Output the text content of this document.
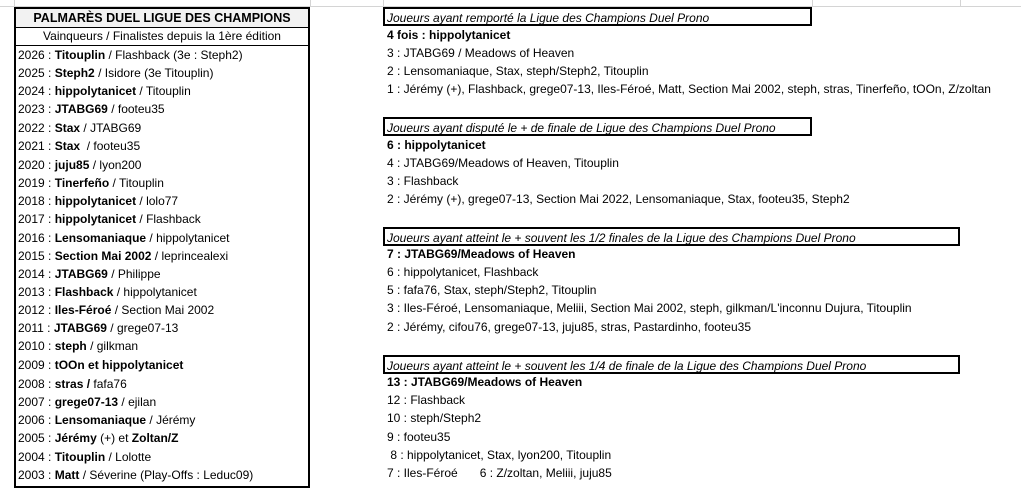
PALMARÈS DUEL LIGUE DES CHAMPIONS
Vainqueurs / Finalistes depuis la 1ère édition
2026 : Titouplin / Flashback (3e : Steph2)
2025 : Steph2 / Isidore (3e Titouplin)
2024 : hippolytanicet / Titouplin
2023 : JTABG69 / footeu35
2022 : Stax / JTABG69
2021 : Stax  / footeu35
2020 : juju85 / lyon200
2019 : Tinerfeño / Titouplin
2018 : hippolytanicet / lolo77
2017 : hippolytanicet / Flashback
2016 : Lensomaniaque / hippolytanicet
2015 : Section Mai 2002 / leprincealexi
2014 : JTABG69 / Philippe
2013 : Flashback / hippolytanicet
2012 : Iles-Féroé / Section Mai 2002
2011 : JTABG69 / grege07-13
2010 : steph / gilkman
2009 : tOOn et hippolytanicet
2008 : stras / fafa76
2007 : grege07-13 / ejilan
2006 : Lensomaniaque / Jérémy
2005 : Jérémy (+) et Zoltan/Z
2004 : Titouplin / Lolotte
2003 : Matt / Séverine (Play-Offs : Leduc09)
Joueurs ayant remporté la Ligue des Champions Duel Prono
4 fois : hippolytanicet
3 : JTABG69 / Meadows of Heaven
2 : Lensomaniaque, Stax, steph/Steph2, Titouplin
1 : Jérémy (+), Flashback, grege07-13, Iles-Féroé, Matt, Section Mai 2002, steph, stras, Tinerfeño, tOOn, Z/zoltan
Joueurs ayant disputé le + de finale de Ligue des Champions Duel Prono
6 : hippolytanicet
4 : JTABG69/Meadows of Heaven, Titouplin
3 : Flashback
2 : Jérémy (+), grege07-13, Section Mai 2022, Lensomaniaque, Stax, footeu35, Steph2
Joueurs ayant atteint le + souvent les 1/2 finales de la Ligue des Champions Duel Prono
7 : JTABG69/Meadows of Heaven
6 : hippolytanicet, Flashback
5 : fafa76, Stax, steph/Steph2, Titouplin
3 : Iles-Féroé, Lensomaniaque, Meliii, Section Mai 2002, steph, gilkman/L'inconnu Dujura, Titouplin
2 : Jérémy, cifou76, grege07-13, juju85, stras, Pastardinho, footeu35
Joueurs ayant atteint le + souvent les 1/4 de finale de la Ligue des Champions Duel Prono
13 : JTABG69/Meadows of Heaven
12 : Flashback
10 : steph/Steph2
9 : footeu35
8 : hippolytanicet, Stax, lyon200, Titouplin
7 : Iles-Féroé 6 : Z/zoltan, Meliii, juju85
